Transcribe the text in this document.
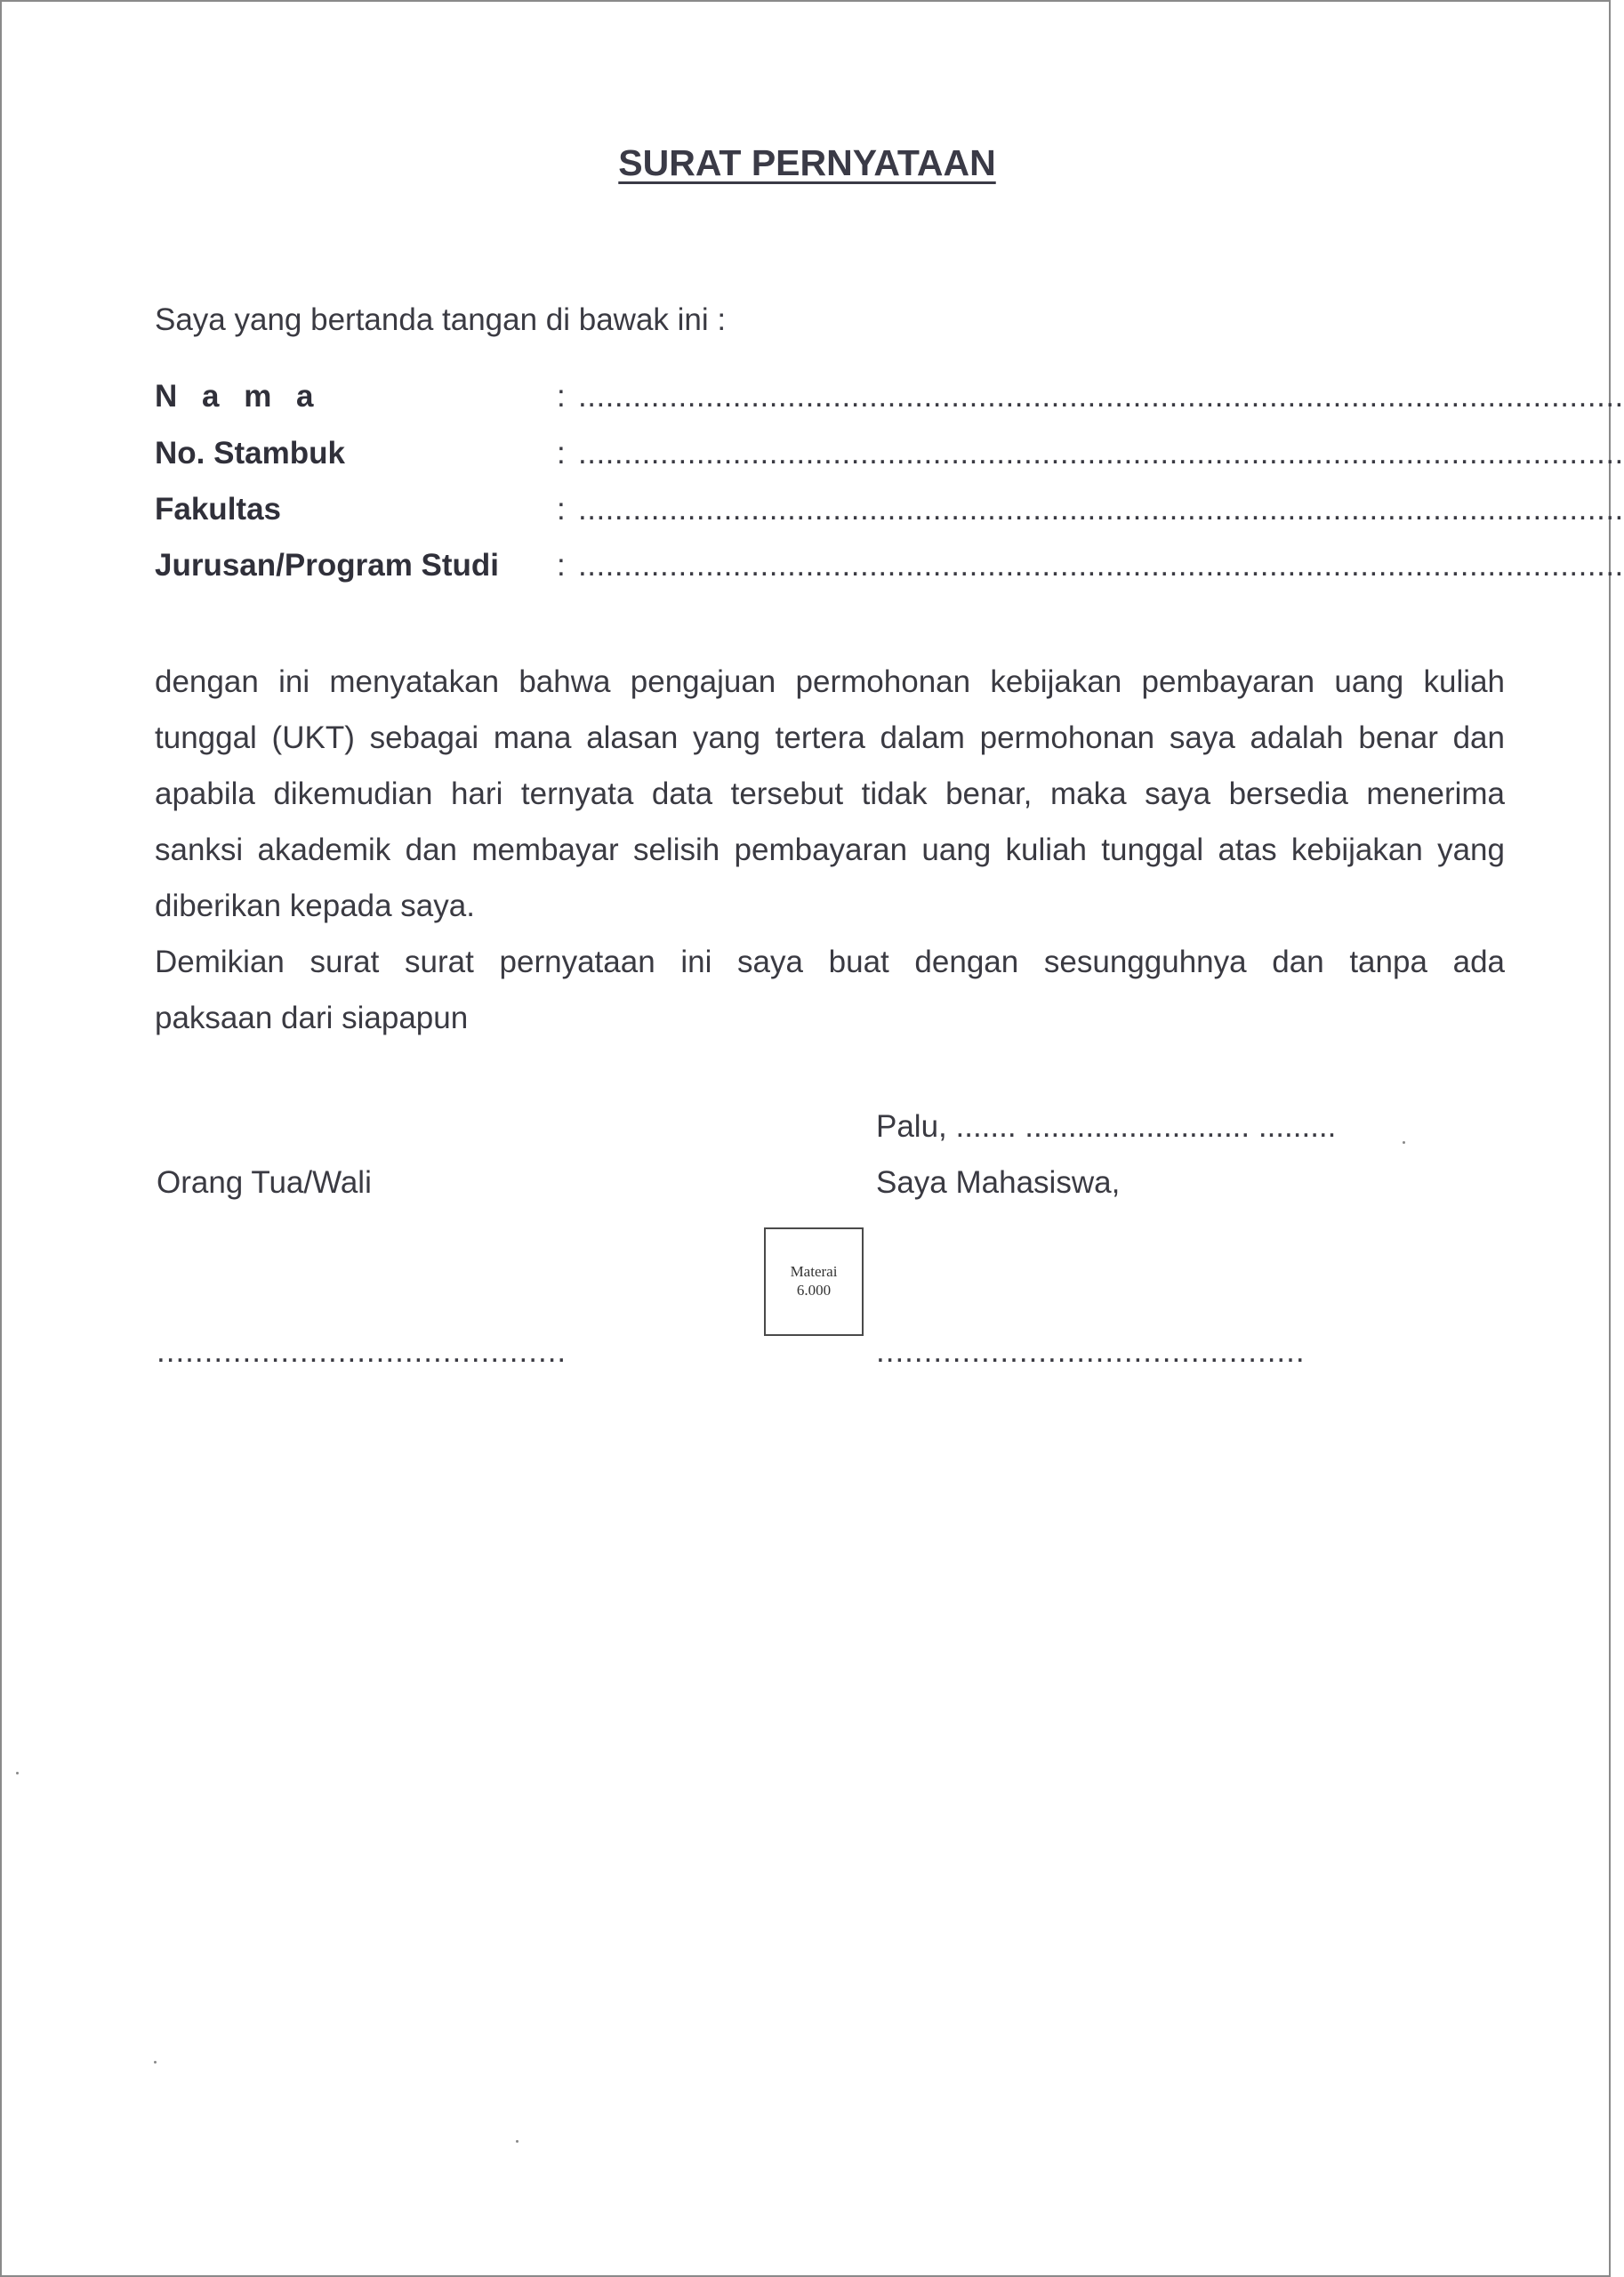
SURAT PERNYATAAN

Saya yang bertanda tangan di bawak ini :

N a m a	: ...................................................................................................................
No. Stambuk	: ...................................................................................................................
Fakultas	: ...................................................................................................................
Jurusan/Program Studi : ...................................................................................................................
dengan ini menyatakan bahwa pengajuan permohonan kebijakan pembayaran uang kuliah
tunggal (UKT) sebagai mana alasan yang tertera dalam permohonan saya adalah benar dan
apabila dikemudian hari ternyata data tersebut tidak benar, maka saya bersedia menerima
sanksi akademik dan membayar selisih pembayaran uang kuliah tunggal atas kebijakan yang
diberikan kepada saya.
Demikian surat surat pernyataan ini saya buat dengan sesungguhnya dan tanpa ada
paksaan dari siapapun

Palu, ....... .......................... .........

Orang Tua/Wali	Saya Mahasiswa,

Materai
6.000

...........................................	.............................................
